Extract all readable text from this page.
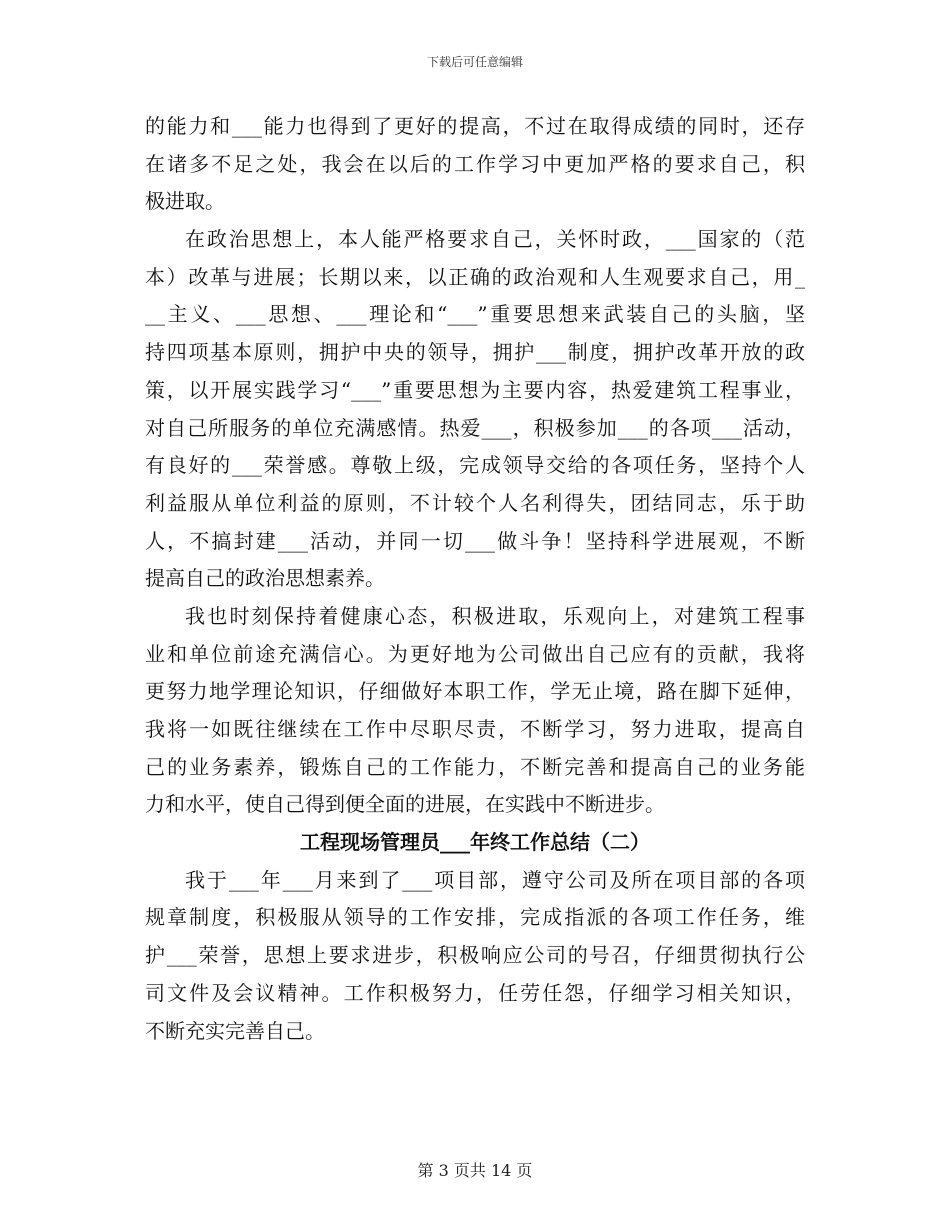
下载后可任意编辑
的能力和___能力也得到了更好的提高，不过在取得成绩的同时，还存
在诸多不足之处，我会在以后的工作学习中更加严格的要求自己，积
极进取。
在政治思想上，本人能严格要求自己，关怀时政，___国家的（范
本）改革与进展；长期以来，以正确的政治观和人生观要求自己，用_
__主义、___思想、___理论和“___”重要思想来武装自己的头脑，坚
持四项基本原则，拥护中央的领导，拥护___制度，拥护改革开放的政
策，以开展实践学习“___”重要思想为主要内容，热爱建筑工程事业，
对自己所服务的单位充满感情。热爱___，积极参加___的各项___活动，
有良好的___荣誉感。尊敬上级，完成领导交给的各项任务，坚持个人
利益服从单位利益的原则，不计较个人名利得失，团结同志，乐于助
人，不搞封建___活动，并同一切___做斗争！坚持科学进展观，不断
提高自己的政治思想素养。
我也时刻保持着健康心态，积极进取，乐观向上，对建筑工程事
业和单位前途充满信心。为更好地为公司做出自己应有的贡献，我将
更努力地学理论知识，仔细做好本职工作，学无止境，路在脚下延伸，
我将一如既往继续在工作中尽职尽责，不断学习，努力进取，提高自
己的业务素养，锻炼自己的工作能力，不断完善和提高自己的业务能
力和水平，使自己得到便全面的进展，在实践中不断进步。
工程现场管理员___年终工作总结（二）
我于___年___月来到了___项目部，遵守公司及所在项目部的各项
规章制度，积极服从领导的工作安排，完成指派的各项工作任务，维
护___荣誉，思想上要求进步，积极响应公司的号召，仔细贯彻执行公
司文件及会议精神。工作积极努力，任劳任怨，仔细学习相关知识，
不断充实完善自己。
第 3 页共 14 页
